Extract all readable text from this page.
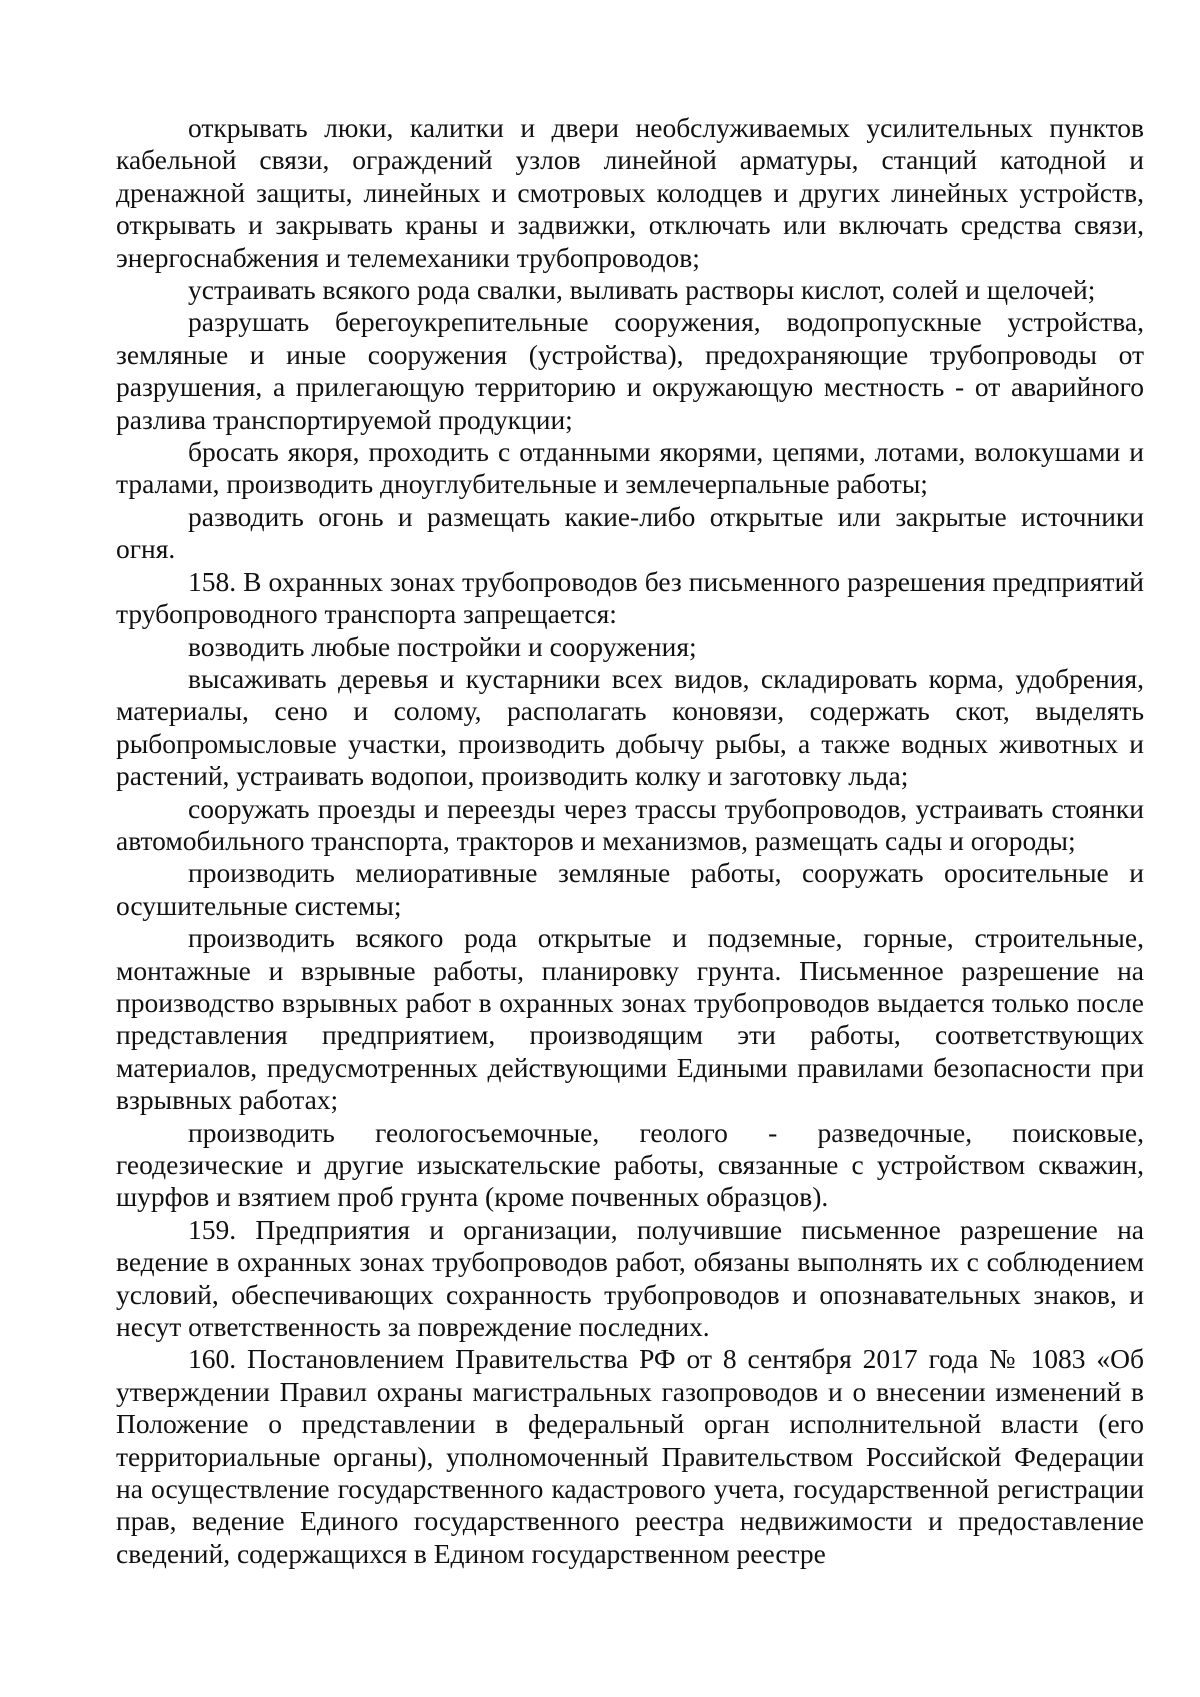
открывать люки, калитки и двери необслуживаемых усилительных пунктов кабельной связи, ограждений узлов линейной арматуры, станций катодной и дренажной защиты, линейных и смотровых колодцев и других линейных устройств, открывать и закрывать краны и задвижки, отключать или включать средства связи, энергоснабжения и телемеханики трубопроводов;

устраивать всякого рода свалки, выливать растворы кислот, солей и щелочей;

разрушать берегоукрепительные сооружения, водопропускные устройства, земляные и иные сооружения (устройства), предохраняющие трубопроводы от разрушения, а прилегающую территорию и окружающую местность - от аварийного разлива транспортируемой продукции;

бросать якоря, проходить с отданными якорями, цепями, лотами, волокушами и тралами, производить дноуглубительные и землечерпальные работы;

разводить огонь и размещать какие-либо открытые или закрытые источники огня.

158. В охранных зонах трубопроводов без письменного разрешения предприятий трубопроводного транспорта запрещается:

возводить любые постройки и сооружения;

высаживать деревья и кустарники всех видов, складировать корма, удобрения, материалы, сено и солому, располагать коновязи, содержать скот, выделять рыбопромысловые участки, производить добычу рыбы, а также водных животных и растений, устраивать водопои, производить колку и заготовку льда;

сооружать проезды и переезды через трассы трубопроводов, устраивать стоянки автомобильного транспорта, тракторов и механизмов, размещать сады и огороды;

производить мелиоративные земляные работы, сооружать оросительные и осушительные системы;

производить всякого рода открытые и подземные, горные, строительные, монтажные и взрывные работы, планировку грунта. Письменное разрешение на производство взрывных работ в охранных зонах трубопроводов выдается только после представления предприятием, производящим эти работы, соответствующих материалов, предусмотренных действующими Едиными правилами безопасности при взрывных работах;

производить геологосъемочные, геолого - разведочные, поисковые, геодезические и другие изыскательские работы, связанные с устройством скважин, шурфов и взятием проб грунта (кроме почвенных образцов).

159. Предприятия и организации, получившие письменное разрешение на ведение в охранных зонах трубопроводов работ, обязаны выполнять их с соблюдением условий, обеспечивающих сохранность трубопроводов и опознавательных знаков, и несут ответственность за повреждение последних.

160. Постановлением Правительства РФ от 8 сентября 2017 года № 1083 «Об утверждении Правил охраны магистральных газопроводов и о внесении изменений в Положение о представлении в федеральный орган исполнительной власти (его территориальные органы), уполномоченный Правительством Российской Федерации на осуществление государственного кадастрового учета, государственной регистрации прав, ведение Единого государственного реестра недвижимости и предоставление сведений, содержащихся в Едином государственном реестре
